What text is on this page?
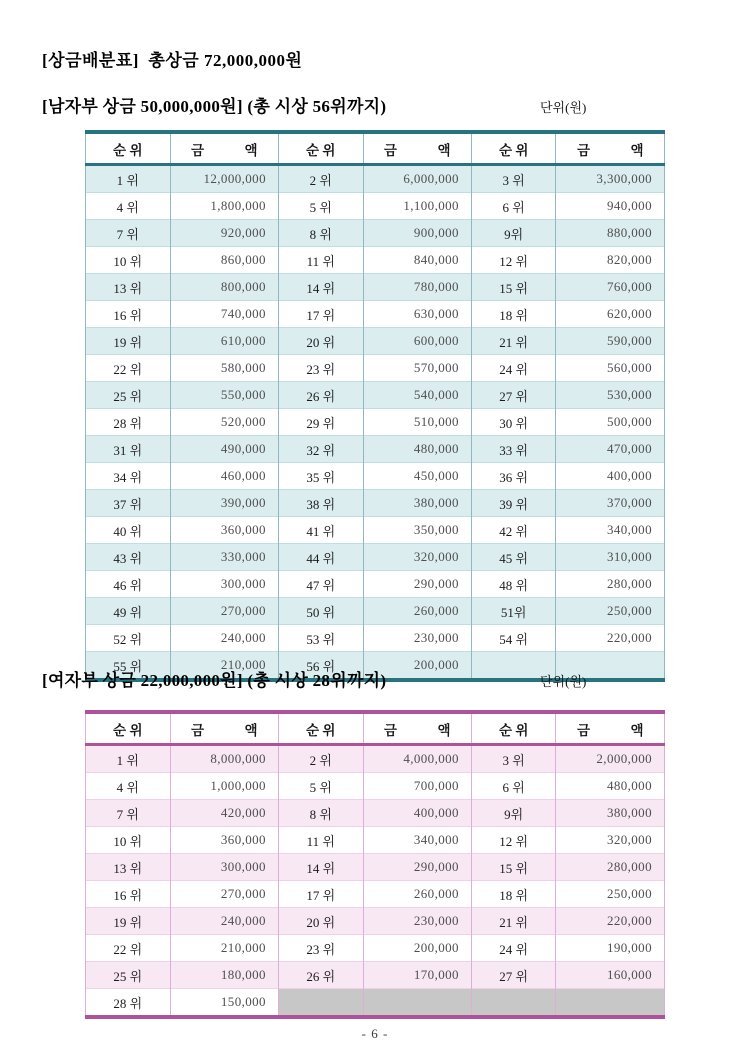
[상금배분표]  총상금 72,000,000원
[남자부 상금 50,000,000원] (총 시상 56위까지)	단위(원)
순 위	금　　　액	순 위	금　　　액	순 위	금　　　액
1 위	12,000,000	2 위	6,000,000	3 위	3,300,000
4 위	1,800,000	5 위	1,100,000	6 위	940,000
7 위	920,000	8 위	900,000	9위	880,000
10 위	860,000	11 위	840,000	12 위	820,000
13 위	800,000	14 위	780,000	15 위	760,000
16 위	740,000	17 위	630,000	18 위	620,000
19 위	610,000	20 위	600,000	21 위	590,000
22 위	580,000	23 위	570,000	24 위	560,000
25 위	550,000	26 위	540,000	27 위	530,000
28 위	520,000	29 위	510,000	30 위	500,000
31 위	490,000	32 위	480,000	33 위	470,000
34 위	460,000	35 위	450,000	36 위	400,000
37 위	390,000	38 위	380,000	39 위	370,000
40 위	360,000	41 위	350,000	42 위	340,000
43 위	330,000	44 위	320,000	45 위	310,000
46 위	300,000	47 위	290,000	48 위	280,000
49 위	270,000	50 위	260,000	51위	250,000
52 위	240,000	53 위	230,000	54 위	220,000
55 위	210,000	56 위	200,000		
[여자부 상금 22,000,000원] (총 시상 28위까지)	단위(원)
순 위	금　　　액	순 위	금　　　액	순 위	금　　　액
1 위	8,000,000	2 위	4,000,000	3 위	2,000,000
4 위	1,000,000	5 위	700,000	6 위	480,000
7 위	420,000	8 위	400,000	9위	380,000
10 위	360,000	11 위	340,000	12 위	320,000
13 위	300,000	14 위	290,000	15 위	280,000
16 위	270,000	17 위	260,000	18 위	250,000
19 위	240,000	20 위	230,000	21 위	220,000
22 위	210,000	23 위	200,000	24 위	190,000
25 위	180,000	26 위	170,000	27 위	160,000
28 위	150,000				
- 6 -
